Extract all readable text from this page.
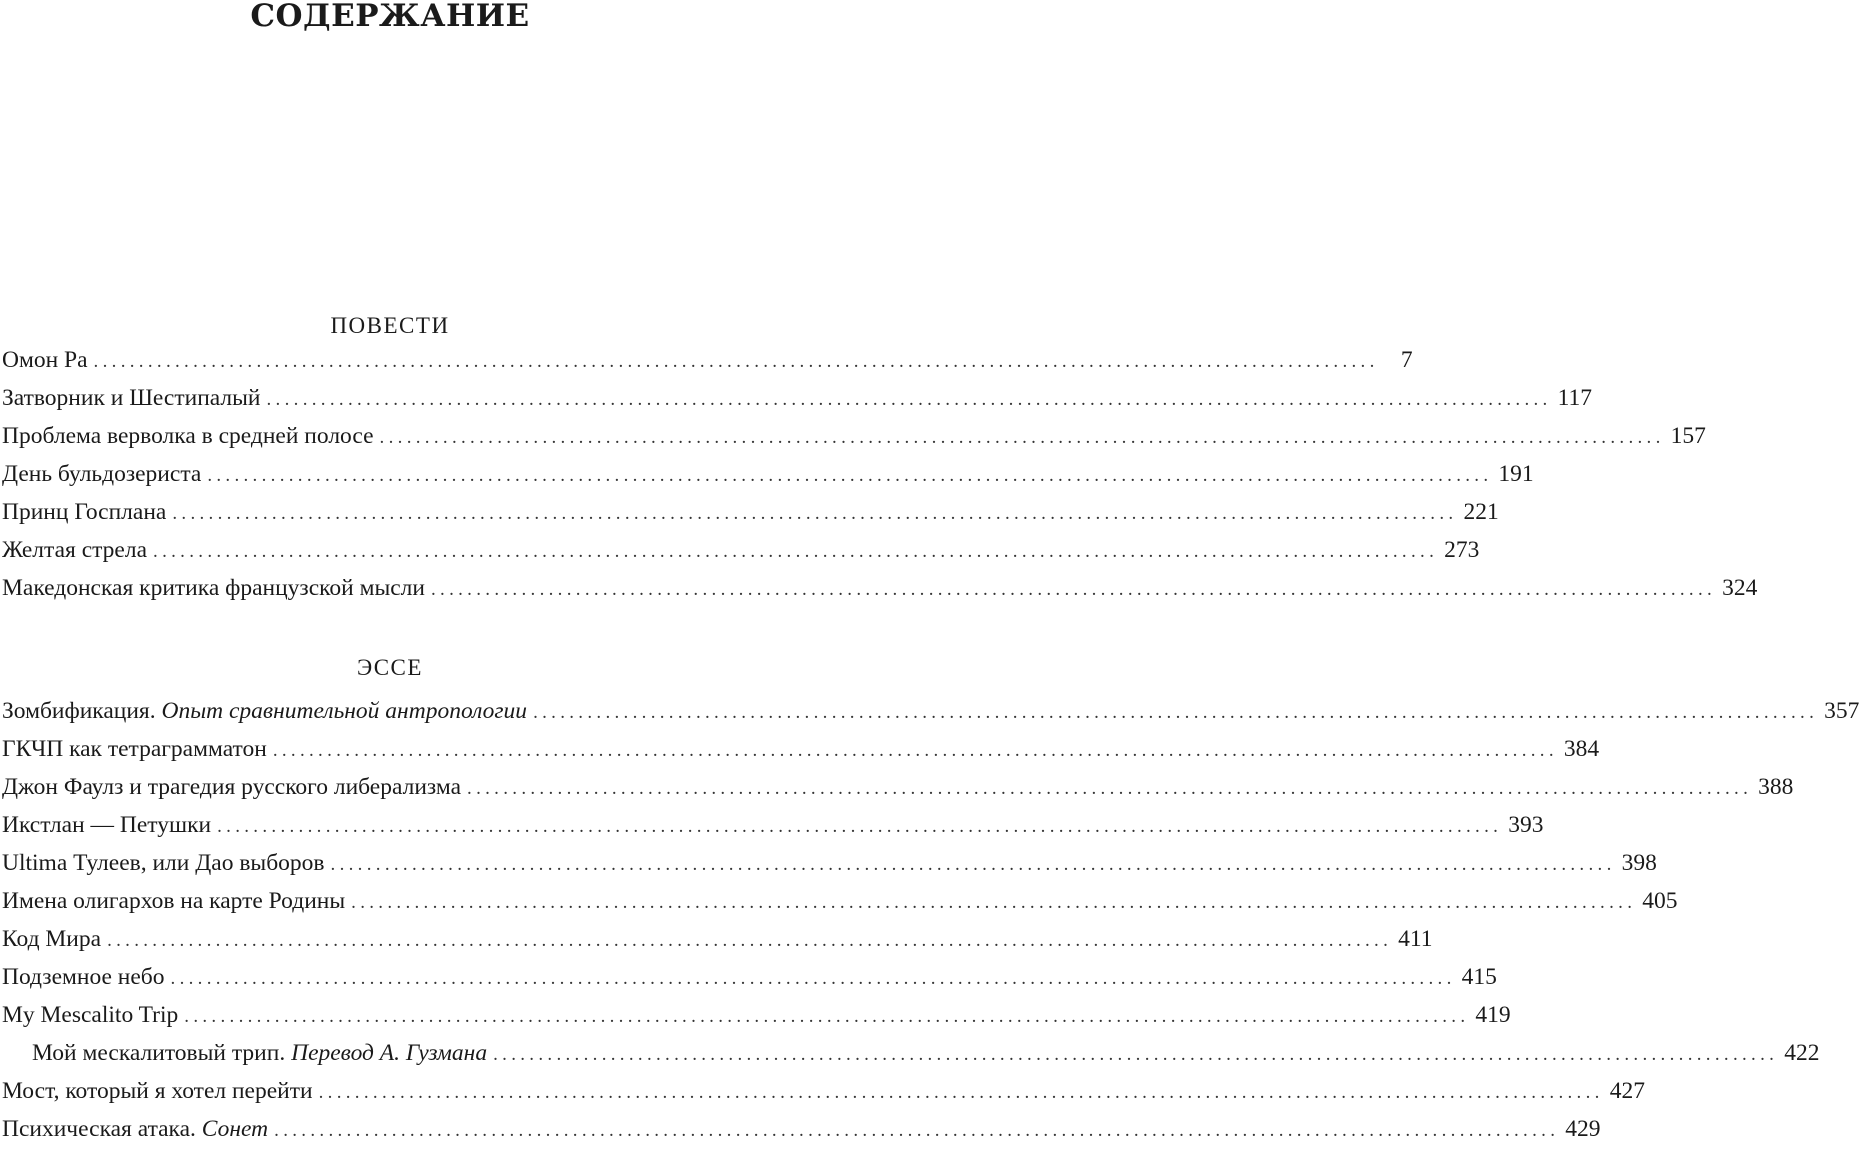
СОДЕРЖАНИЕ
ПОВЕСТИ
Омон Ра .............................................................................................................................................. 7
Затворник и Шестипалый .............................................................................................................................................. 117
Проблема верволка в средней полосе .............................................................................................................................................. 157
День бульдозериста .............................................................................................................................................. 191
Принц Госплана .............................................................................................................................................. 221
Желтая стрела .............................................................................................................................................. 273
Македонская критика французской мысли .............................................................................................................................................. 324
ЭССЕ
Зомбификация. Опыт сравнительной антропологии .............................................................................................................................................. 357
ГКЧП как тетраграмматон .............................................................................................................................................. 384
Джон Фаулз и трагедия русского либерализма .............................................................................................................................................. 388
Икстлан — Петушки .............................................................................................................................................. 393
Ultima Тулеев, или Дао выборов .............................................................................................................................................. 398
Имена олигархов на карте Родины .............................................................................................................................................. 405
Код Мира .............................................................................................................................................. 411
Подземное небо .............................................................................................................................................. 415
My Mescalito Trip .............................................................................................................................................. 419
Мой мескалитовый трип. Перевод А. Гузмана .............................................................................................................................................. 422
Мост, который я хотел перейти .............................................................................................................................................. 427
Психическая атака. Сонет .............................................................................................................................................. 429
